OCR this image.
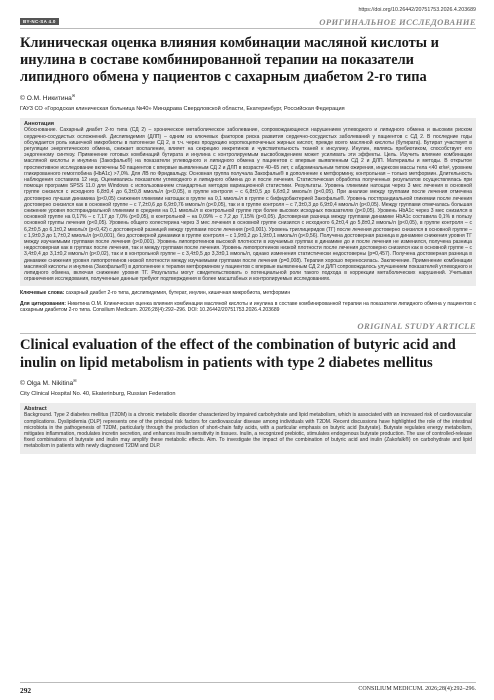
https://doi.org/10.26442/20751753.2026.4.203689
BY-NC-SA 4.0	ОРИГИНАЛЬНОЕ ИССЛЕДОВАНИЕ
Клиническая оценка влияния комбинации масляной кислоты и инулина в составе комбинированной терапии на показатели липидного обмена у пациентов с сахарным диабетом 2-го типа
© О.М. Никитина✉
ГАУЗ СО «Городская клиническая больница №40» Минздрава Свердловской области, Екатеринбург, Российская Федерация
Аннотация
Обоснование. Сахарный диабет 2-го типа (СД 2) – хроническое метаболическое заболевание, сопровождающееся нарушением углеводного и липидного обмена и высоким риском сердечно-сосудистых осложнений. Дислипидемия (ДЛП) – одним из ключевых факторов риска развития сердечно-сосудистых заболеваний у пациентов с СД 2. В последние годы обсуждается роль кишечной микробиоты в патогенезе СД 2, в т.ч. через продукцию короткоцепочечных жирных кислот, прежде всего масляной кислоты (бутирата). Бутират участвует в регуляции энергетического обмена, снижает воспаление, влияет на секрецию инкретинов и чувствительность тканей к инсулину. Инулин, являясь пребиотиком, способствует его эндогенному синтезу. Применение готовых комбинаций бутирата и инулина с контролируемым высвобождением может усиливать эти эффекты. Цель. Изучить влияние комбинации масляной кислоты и инулина (Закофальк®) на показатели углеводного и липидного обмена у пациентов с впервые выявленным СД 2 и ДЛП. Материалы и методы. В открытое проспективное исследование включены 50 пациентов с впервые выявленным СД 2 и ДЛП в возрасте 40–65 лет, с абдоминальным типом ожирения, индексом массы тела <40 кг/м², уровнем гликированного гемоглобина (HbA1c) >7,0%. Для ЛВ по Фридвальду. Основная группа получала Закофальк® в дополнение к метформину, контрольная – только метформин. Длительность наблюдения составила 12 нед. Оценивались показатели углеводного и липидного обмена до и после лечения. Статистическая обработка полученных результатов осуществлялась при помощи программ SPSS 11.0 для Windows с использованием стандартных методов вариационной статистики. Результаты. Уровень гликемии натощак через 3 мес лечения в основной группе снизился с исходного 6,8±0,4 до 6,3±0,8 ммоль/л (p<0,05), в группе контроля – с 6,8±0,5 до 6,6±0,2 ммоль/л (p<0,05). При анализе между группами после лечения отмечена достоверно лучшая динамика (p<0,05) снижения гликемии натощак в группе на 0,1 ммоль/л в группе с бифидобактерией Закофальк®. Уровень постпрандиальной гликемии после лечения достоверно снизился как в основной группе – с 7,2±0,6 до 6,9±0,76 ммоль/л (p<0,05), так и в группе контроля – с 7,3±0,3 до 6,9±0,4 ммоль/л (p<0,05). Между группами отмечалась большая снижение уровня постпрандиальной гликемии в среднем на 0,1 ммоль/л в контрольной группе при более высоких исходных показателях (p<0,05). Уровень HbA1c через 3 мес снизился в основной группе на 0,17% – с 7,17 до 7,0% (p<0,05), в контрольной – на 0,09% – с 7,2 до 7,15% (p<0,05). Достоверная разница между группами динамике HbA1c составила 0,1% в пользу основной группы лечения (p<0,05). Уровень общего холестерина через 3 мес лечения в основной группе снизился с исходного 6,2±0,4 до 5,8±0,2 ммоль/л (p<0,05), в группе контроля – с 6,2±0,5 до 6,1±0,2 ммоль/л (p<0,42) с достоверной разницей между группами после лечения (p<0,001). Уровень триглицеридов (ТГ) после лечения достоверно снизился в основной группе – с 1,9±0,3 до 1,7±0,2 ммоль/л (p<0,001), без достоверной динамики в группе контроля – с 1,9±0,2 до 1,9±0,1 ммоль/л (p<0,56). Получена достоверная разница в динамике снижения уровня ТГ между изучаемыми группами после лечения (p<0,001). Уровень липопротеинов высокой плотности в изучаемых группах в динамике до и после лечения не изменился, получена разница недостоверная как в группах после лечения, так и между группами после лечения. Уровень липопротеинов низкой плотности после лечения достоверно снизился как в основной группе – с 3,4±0,4 до 3,1±0,2 ммоль/л (p<0,02), так и в контрольной группе – с 3,4±0,5 до 3,3±0,1 ммоль/л, однако изменения статистически недостоверны (p=0,457). Получена достоверная разница в динамике снижения уровня липопротеинов низкой плотности между изучаемыми группами после лечения (p=0,008). Терапия хорошо переносилась. Заключение. Применение комбинации масляной кислоты и инулина (Закофальк®) в дополнение к терапии метформином у пациентов с впервые выявленным СД 2 и ДЛП сопровождалось улучшением показателей углеводного и липидного обмена, включая снижение уровня ТГ. Результаты могут свидетельствовать о потенциальной роли такого подхода в коррекции метаболических нарушений. Учитывая ограничения исследования, полученные данные требуют подтверждения в более масштабных и контролируемых исследованиях.
Ключевые слова: сахарный диабет 2-го типа, дислипидемия, бутерат, инулин, кишечная микробиота, метформин
Для цитирования: Никитина О.М. Клиническая оценка влияния комбинации масляной кислоты и инулина в составе комбинированной терапии на показатели липидного обмена у пациентов с сахарным диабетом 2-го типа. Consilium Medicum. 2026;28(4):292–296. DOI: 10.26442/20751753.2026.4.203689
ORIGINAL STUDY ARTICLE
Clinical evaluation of the effect of the combination of butyric acid and inulin on lipid metabolism in patients with type 2 diabetes mellitus
© Olga M. Nikitina✉
City Clinical Hospital No. 40, Ekaterinburg, Russian Federation
Abstract
Background. Type 2 diabetes mellitus (T2DM) is a chronic metabolic disorder characterized by impaired carbohydrate and lipid metabolism, which is associated with an increased risk of cardiovascular complications. Dyslipidemia (DLP) represents one of the principal risk factors for cardiovascular disease among individuals with T2DM. Recent discussions have highlighted the role of the intestinal microbiota in the pathogenesis of T2DM, particularly through the production of short-chain fatty acids, with a particular emphasis on butyric acid (butyrate). Butyrate regulates energy metabolism, mitigates inflammation, modulates incretin secretion, and enhances insulin sensitivity in tissues. Inulin, a recognized prebiotic, stimulates endogenous butyrate production. The use of controlled-release fixed combinations of butyrate and inulin may amplify these metabolic effects. Aim. To investigate the impact of the combination of butyric acid and inulin (Zakofalk®) on carbohydrate and lipid metabolism in patients with newly diagnosed T2DM and DLP.
292	CONSILIUM MEDICUM. 2026;28(4):292–296.
